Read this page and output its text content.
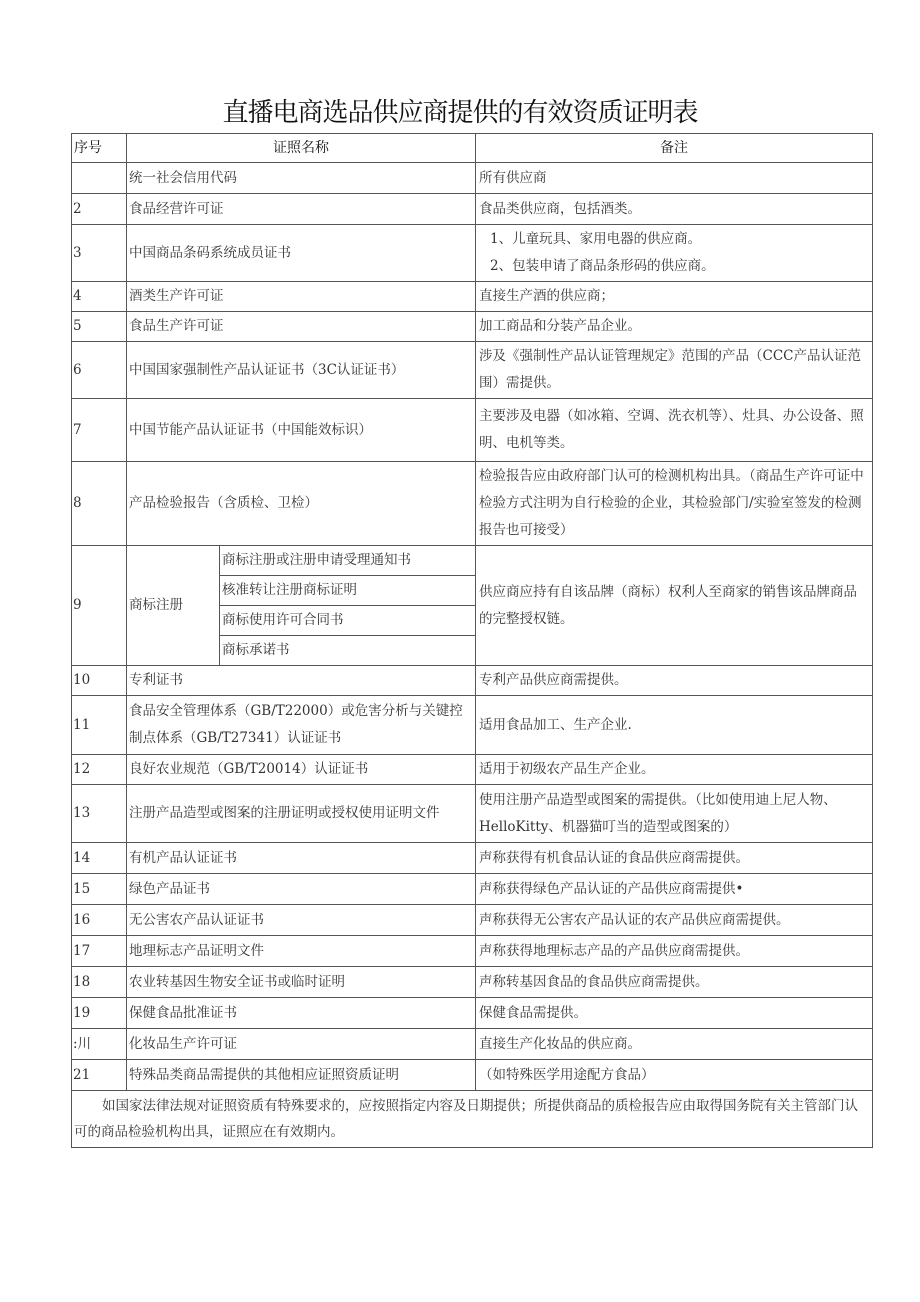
直播电商选品供应商提供的有效资质证明表
序号	证照名称		备注
	统一社会信用代码		所有供应商
2	食品经营许可证		食品类供应商，包括酒类。
3	中国商品条码系统成员证书		1、儿童玩具、家用电器的供应商。
2、包装申请了商品条形码的供应商。

4	酒类生产许可证		直接生产酒的供应商；
5	食品生产许可证		加工商品和分装产品企业。
6	中国国家强制性产品认证证书（3C认证证书）		涉及《强制性产品认证管理规定》范围的产品（CCC产品认证范围）需提供。
7	中国节能产品认证证书（中国能效标识）		主要涉及电器（如冰箱、空调、洗衣机等）、灶具、办公设备、照明、电机等类。
8	产品检验报告（含质检、卫检）		检验报告应由政府部门认可的检测机构出具。（商品生产许可证中检验方式注明为自行检验的企业，其检验部门/实验室签发的检测报告也可接受）
9	商标注册	商标注册或注册申请受理通知书	供应商应持有自该品牌（商标）权利人至商家的销售该品牌商品的完整授权链。
		核准转让注册商标证明	
		商标使用许可合同书	
		商标承诺书	
10	专利证书		专利产品供应商需提供。
11	食品安全管理体系（GB/T22000）或危害分析与关键控制点体系（GB/T27341）认证证书		适用食品加工、生产企业.
12	良好农业规范（GB/T20014）认证证书		适用于初级农产品生产企业。
13	注册产品造型或图案的注册证明或授权使用证明文件		使用注册产品造型或图案的需提供。（比如使用迪上尼人物、HelloKitty、机器猫叮当的造型或图案的）
14	有机产品认证证书		声称获得有机食品认证的食品供应商需提供。
15	绿色产品证书		声称获得绿色产品认证的产品供应商需提供•
16	无公害农产品认证证书		声称获得无公害农产品认证的农产品供应商需提供。
17	地理标志产品证明文件		声称获得地理标志产品的产品供应商需提供。
18	农业转基因生物安全证书或临时证明		声称转基因食品的食品供应商需提供。
19	保健食品批准证书		保健食品需提供。
:川	化妆品生产许可证		直接生产化妆品的供应商。
21	特殊品类商品需提供的其他相应证照资质证明		（如特殊医学用途配方食品）
如国家法律法规对证照资质有特殊要求的，应按照指定内容及日期提供；所提供商品的质检报告应由取得国务院有关主管部门认可的商品检验机构出具，证照应在有效期内。			
